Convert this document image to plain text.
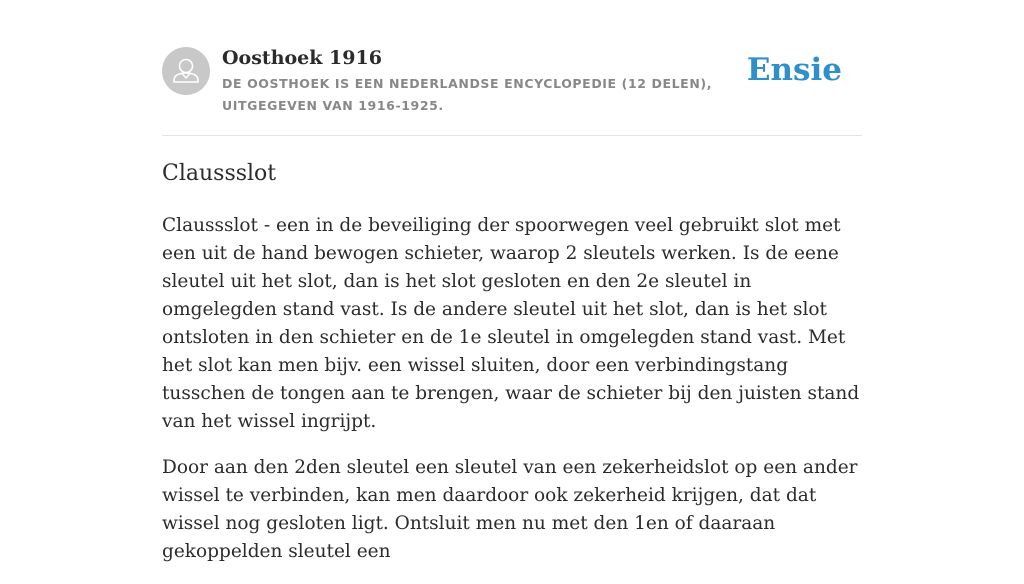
Oosthoek 1916

DE OOSTHOEK IS EEN NEDERLANDSE ENCYCLOPEDIE (12 DELEN), UITGEGEVEN VAN 1916-1925.

Ensie
Claussslot

Claussslot - een in de beveiliging der spoorwegen veel gebruikt slot met een uit de hand bewogen schieter, waarop 2 sleutels werken. Is de eene sleutel uit het slot, dan is het slot gesloten en den 2e sleutel in omgelegden stand vast. Is de andere sleutel uit het slot, dan is het slot ontsloten in den schieter en de 1e sleutel in omgelegden stand vast. Met het slot kan men bijv. een wissel sluiten, door een verbindingstang tusschen de tongen aan te brengen, waar de schieter bij den juisten stand van het wissel ingrijpt.

Door aan den 2den sleutel een sleutel van een zekerheidslot op een ander wissel te verbinden, kan men daardoor ook zekerheid krijgen, dat dat wissel nog gesloten ligt. Ontsluit men nu met den 1en of daaraan gekoppelden sleutel een
